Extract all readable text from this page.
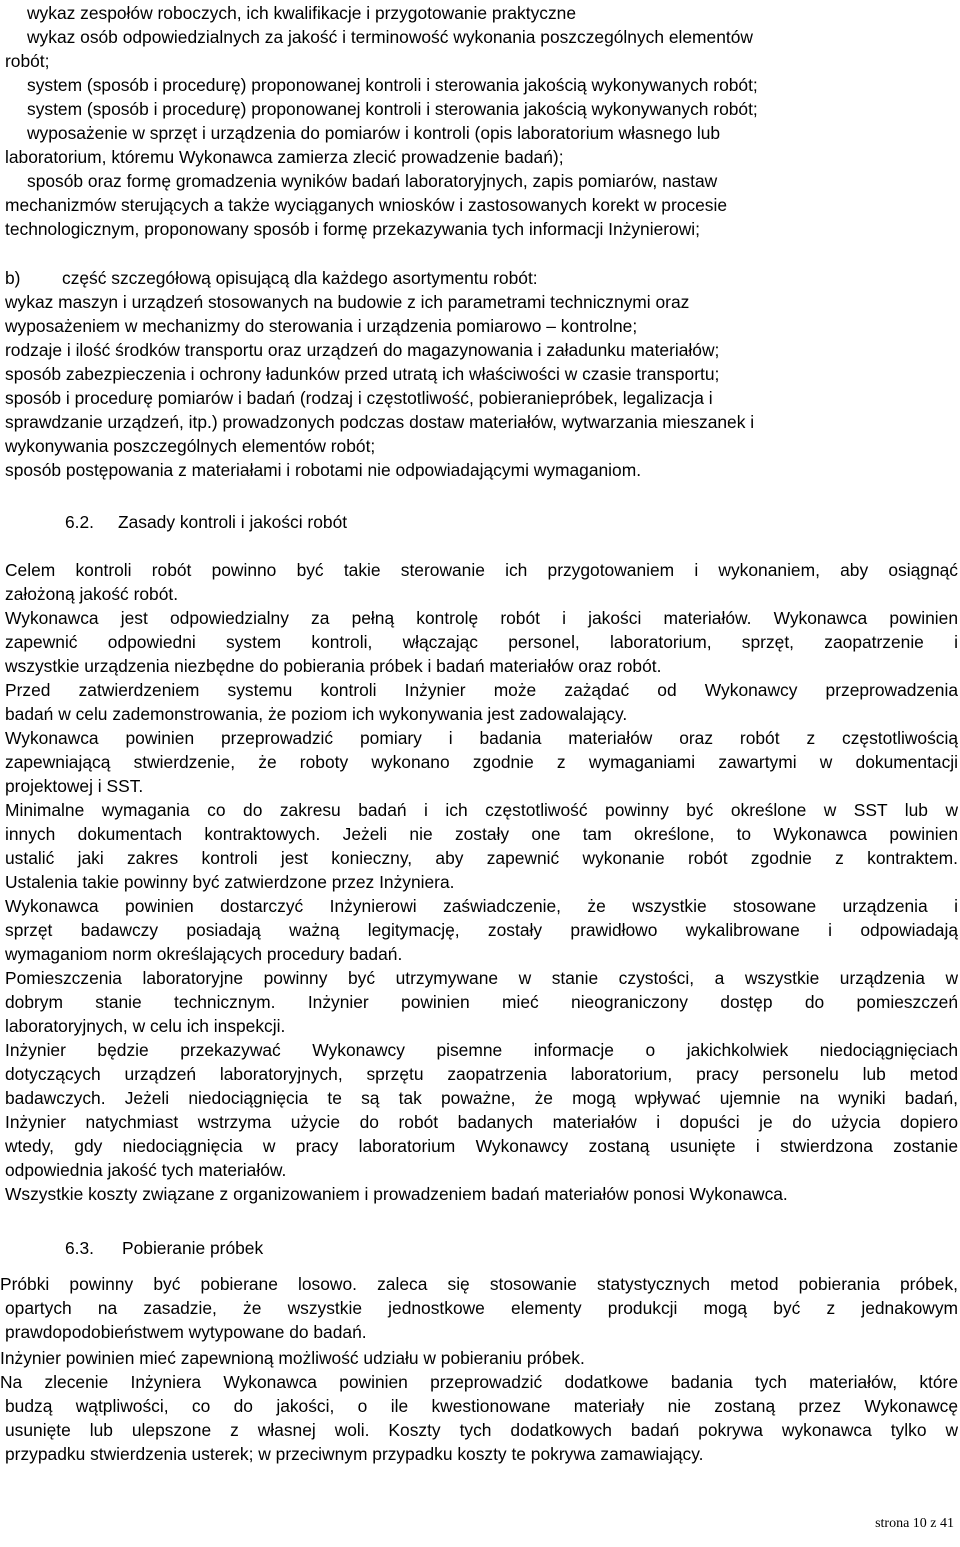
wykaz zespołów roboczych, ich kwalifikacje i przygotowanie praktyczne
wykaz osób odpowiedzialnych za jakość i terminowość wykonania poszczególnych elementów
robót;
system (sposób i procedurę) proponowanej kontroli i sterowania jakością wykonywanych robót;
system (sposób i procedurę) proponowanej kontroli i sterowania jakością wykonywanych robót;
wyposażenie w sprzęt i urządzenia do pomiarów i kontroli (opis laboratorium własnego lub
laboratorium, któremu Wykonawca zamierza zlecić prowadzenie badań);
sposób oraz formę gromadzenia wyników badań laboratoryjnych, zapis pomiarów, nastaw
mechanizmów sterujących a także wyciąganych wniosków i zastosowanych korekt w procesie
technologicznym, proponowany sposób i formę przekazywania tych informacji Inżynierowi;
b) część szczegółową opisującą dla każdego asortymentu robót:
wykaz maszyn i urządzeń stosowanych na budowie z ich parametrami technicznymi oraz
wyposażeniem w mechanizmy do sterowania i urządzenia pomiarowo – kontrolne;
rodzaje i ilość środków transportu oraz urządzeń do magazynowania i załadunku materiałów;
sposób zabezpieczenia i ochrony ładunków przed utratą ich właściwości w czasie transportu;
sposób i procedurę pomiarów i badań (rodzaj i częstotliwość, pobieraniepróbek, legalizacja i
sprawdzanie urządzeń, itp.) prowadzonych podczas dostaw materiałów, wytwarzania mieszanek i
wykonywania poszczególnych elementów robót;
sposób postępowania z materiałami i robotami nie odpowiadającymi wymaganiom.
6.2. Zasady kontroli i jakości robót
Celem kontroli robót powinno być takie sterowanie ich przygotowaniem i wykonaniem, aby osiągnąć
założoną jakość robót.
Wykonawca jest odpowiedzialny za pełną kontrolę robót i jakości materiałów. Wykonawca powinien
zapewnić odpowiedni system kontroli, włączając personel, laboratorium, sprzęt, zaopatrzenie i
wszystkie urządzenia niezbędne do pobierania próbek i badań materiałów oraz robót.
Przed zatwierdzeniem systemu kontroli Inżynier może zażądać od Wykonawcy przeprowadzenia
badań w celu zademonstrowania, że poziom ich wykonywania jest zadowalający.
Wykonawca powinien przeprowadzić pomiary i badania materiałów oraz robót z częstotliwością
zapewniającą stwierdzenie, że roboty wykonano zgodnie z wymaganiami zawartymi w dokumentacji
projektowej i SST.
Minimalne wymagania co do zakresu badań i ich częstotliwość powinny być określone w SST lub w
innych dokumentach kontraktowych. Jeżeli nie zostały one tam określone, to Wykonawca powinien
ustalić jaki zakres kontroli jest konieczny, aby zapewnić wykonanie robót zgodnie z kontraktem.
Ustalenia takie powinny być zatwierdzone przez Inżyniera.
Wykonawca powinien dostarczyć Inżynierowi zaświadczenie, że wszystkie stosowane urządzenia i
sprzęt badawczy posiadają ważną legitymację, zostały prawidłowo wykalibrowane i odpowiadają
wymaganiom norm określających procedury badań.
Pomieszczenia laboratoryjne powinny być utrzymywane w stanie czystości, a wszystkie urządzenia w
dobrym stanie technicznym. Inżynier powinien mieć nieograniczony dostęp do pomieszczeń
laboratoryjnych, w celu ich inspekcji.
Inżynier będzie przekazywać Wykonawcy pisemne informacje o jakichkolwiek niedociągnięciach
dotyczących urządzeń laboratoryjnych, sprzętu zaopatrzenia laboratorium, pracy personelu lub metod
badawczych. Jeżeli niedociągnięcia te są tak poważne, że mogą wpływać ujemnie na wyniki badań,
Inżynier natychmiast wstrzyma użycie do robót badanych materiałów i dopuści je do użycia dopiero
wtedy, gdy niedociągnięcia w pracy laboratorium Wykonawcy zostaną usunięte i stwierdzona zostanie
odpowiednia jakość tych materiałów.
Wszystkie koszty związane z organizowaniem i prowadzeniem badań materiałów ponosi Wykonawca.
6.3. Pobieranie próbek
Próbki powinny być pobierane losowo. zaleca się stosowanie statystycznych metod pobierania próbek,
opartych na zasadzie, że wszystkie jednostkowe elementy produkcji mogą być z jednakowym
prawdopodobieństwem wytypowane do badań.
Inżynier powinien mieć zapewnioną możliwość udziału w pobieraniu próbek.
Na zlecenie Inżyniera Wykonawca powinien przeprowadzić dodatkowe badania tych materiałów, które
budzą wątpliwości, co do jakości, o ile kwestionowane materiały nie zostaną przez Wykonawcę
usunięte lub ulepszone z własnej woli. Koszty tych dodatkowych badań pokrywa wykonawca tylko w
przypadku stwierdzenia usterek; w przeciwnym przypadku koszty te pokrywa zamawiający.
strona 10 z 41
